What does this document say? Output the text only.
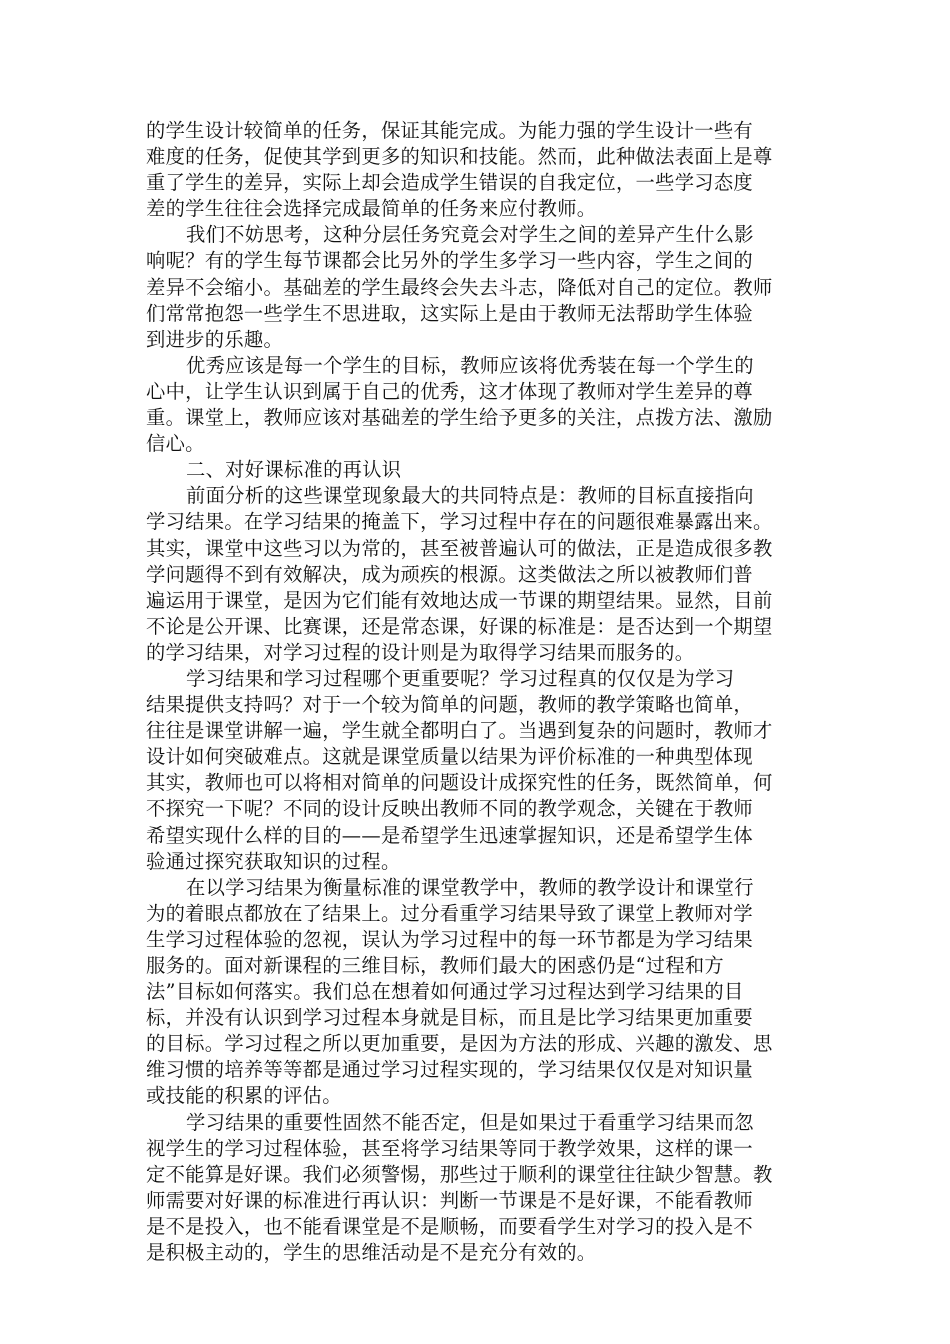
的学生设计较简单的任务，保证其能完成。为能力强的学生设计一些有
难度的任务，促使其学到更多的知识和技能。然而，此种做法表面上是尊
重了学生的差异，实际上却会造成学生错误的自我定位，一些学习态度
差的学生往往会选择完成最简单的任务来应付教师。
我们不妨思考，这种分层任务究竟会对学生之间的差异产生什么影
响呢？有的学生每节课都会比另外的学生多学习一些内容，学生之间的
差异不会缩小。基础差的学生最终会失去斗志，降低对自己的定位。教师
们常常抱怨一些学生不思进取，这实际上是由于教师无法帮助学生体验
到进步的乐趣。
优秀应该是每一个学生的目标，教师应该将优秀装在每一个学生的
心中，让学生认识到属于自己的优秀，这才体现了教师对学生差异的尊
重。课堂上，教师应该对基础差的学生给予更多的关注，点拨方法、激励
信心。
二、对好课标准的再认识
前面分析的这些课堂现象最大的共同特点是：教师的目标直接指向
学习结果。在学习结果的掩盖下，学习过程中存在的问题很难暴露出来。
其实，课堂中这些习以为常的，甚至被普遍认可的做法，正是造成很多教
学问题得不到有效解决，成为顽疾的根源。这类做法之所以被教师们普
遍运用于课堂，是因为它们能有效地达成一节课的期望结果。显然，目前
不论是公开课、比赛课，还是常态课，好课的标准是：是否达到一个期望
的学习结果，对学习过程的设计则是为取得学习结果而服务的。
学习结果和学习过程哪个更重要呢？学习过程真的仅仅是为学习
结果提供支持吗？对于一个较为简单的问题，教师的教学策略也简单，
往往是课堂讲解一遍，学生就全都明白了。当遇到复杂的问题时，教师才
设计如何突破难点。这就是课堂质量以结果为评价标准的一种典型体现
其实，教师也可以将相对简单的问题设计成探究性的任务，既然简单，何
不探究一下呢？不同的设计反映出教师不同的教学观念，关键在于教师
希望实现什么样的目的——是希望学生迅速掌握知识，还是希望学生体
验通过探究获取知识的过程。
在以学习结果为衡量标准的课堂教学中，教师的教学设计和课堂行
为的着眼点都放在了结果上。过分看重学习结果导致了课堂上教师对学
生学习过程体验的忽视，误认为学习过程中的每一环节都是为学习结果
服务的。面对新课程的三维目标，教师们最大的困惑仍是“过程和方
法”目标如何落实。我们总在想着如何通过学习过程达到学习结果的目
标，并没有认识到学习过程本身就是目标，而且是比学习结果更加重要
的目标。学习过程之所以更加重要，是因为方法的形成、兴趣的激发、思
维习惯的培养等等都是通过学习过程实现的，学习结果仅仅是对知识量
或技能的积累的评估。
学习结果的重要性固然不能否定，但是如果过于看重学习结果而忽
视学生的学习过程体验，甚至将学习结果等同于教学效果，这样的课一
定不能算是好课。我们必须警惕，那些过于顺利的课堂往往缺少智慧。教
师需要对好课的标准进行再认识：判断一节课是不是好课，不能看教师
是不是投入，也不能看课堂是不是顺畅，而要看学生对学习的投入是不
是积极主动的，学生的思维活动是不是充分有效的。
